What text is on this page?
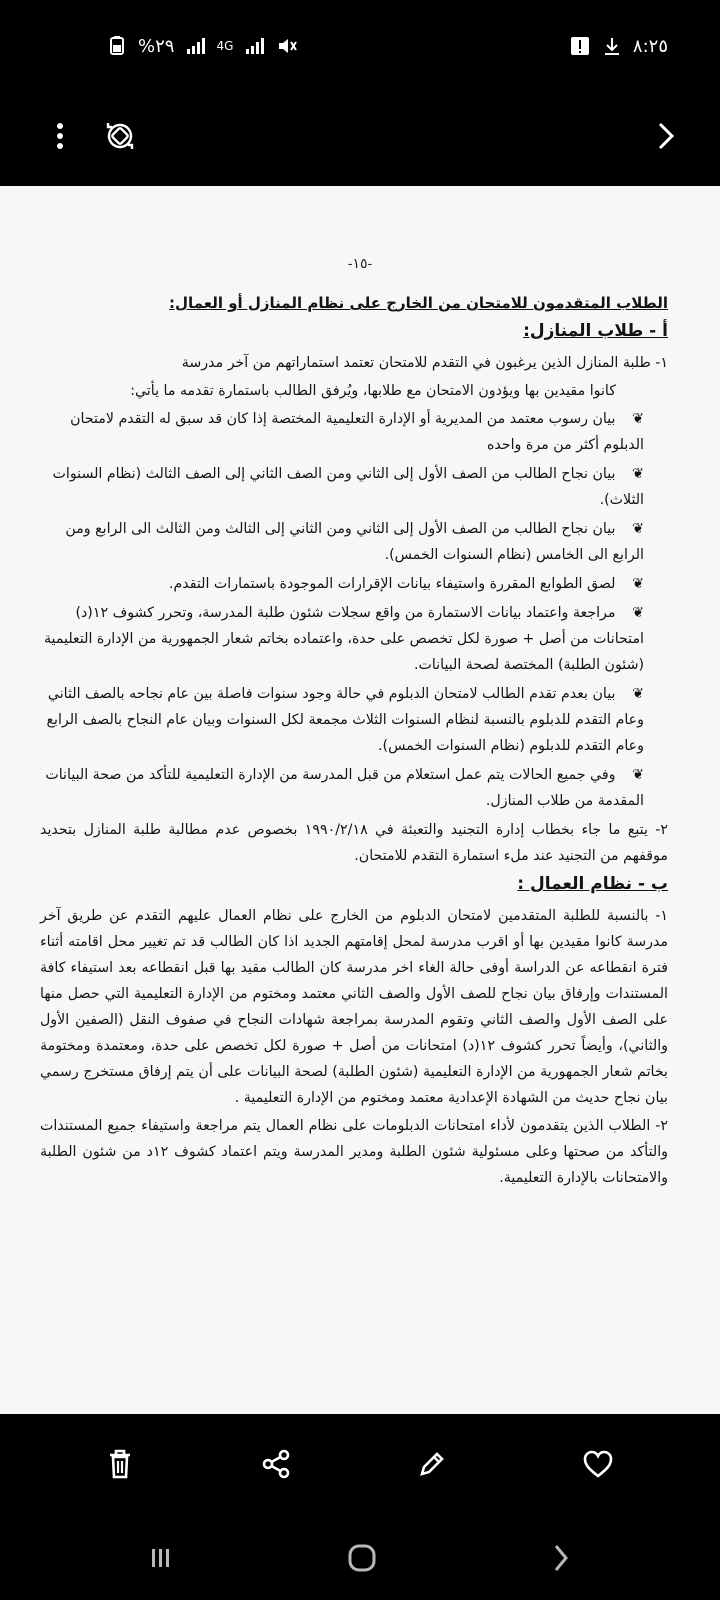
%٢٩	4G	٨:٢٥
-١٥-

الطلاب المتقدمون للامتحان من الخارج على نظام المنازل أو العمال:

أ - طلاب المنازل:

١- طلبة المنازل الذين يرغبون في التقدم للامتحان تعتمد استماراتهم من آخر مدرسة

كانوا مقيدين بها ويؤدون الامتحان مع طلابها، ويُرفق الطالب باستمارة تقدمه ما يأتي:

❦ بيان رسوب معتمد من المديرية أو الإدارة التعليمية المختصة إذا كان قد سبق له التقدم لامتحان الدبلوم أكثر من مرة واحده
❦ بيان نجاح الطالب من الصف الأول إلى الثاني ومن الصف الثاني إلى الصف الثالث (نظام السنوات الثلاث).
❦ بيان نجاح الطالب من الصف الأول إلى الثاني ومن الثاني إلى الثالث ومن الثالث الى الرابع ومن الرابع الى الخامس (نظام السنوات الخمس).
❦ لصق الطوابع المقررة واستيفاء بيانات الإقرارات الموجودة باستمارات التقدم.
❦ مراجعة واعتماد بيانات الاستمارة من واقع سجلات شئون طلبة المدرسة، وتحرر كشوف ١٢(د) امتحانات من أصل + صورة لكل تخصص على حدة، واعتماده بخاتم شعار الجمهورية من الإدارة التعليمية (شئون الطلبة) المختصة لصحة البيانات.
❦ بيان بعدم تقدم الطالب لامتحان الدبلوم في حالة وجود سنوات فاصلة بين عام نجاحه بالصف الثاني وعام التقدم للدبلوم بالنسبة لنظام السنوات الثلاث مجمعة لكل السنوات وبيان عام النجاح بالصف الرابع وعام التقدم للدبلوم (نظام السنوات الخمس).
❦ وفي جميع الحالات يتم عمل استعلام من قبل المدرسة من الإدارة التعليمية للتأكد من صحة البيانات المقدمة من طلاب المنازل.

٢- يتبع ما جاء بخطاب إدارة التجنيد والتعبئة في ١٩٩٠/٢/١٨ بخصوص عدم مطالبة طلبة المنازل بتحديد موقفهم من التجنيد عند ملء استمارة التقدم للامتحان.

ب - نظام العمال :

١- بالنسبة للطلبة المتقدمين لامتحان الدبلوم من الخارج على نظام العمال عليهم التقدم عن طريق آخر مدرسة كانوا مقيدين بها أو اقرب مدرسة لمحل إقامتهم الجديد اذا كان الطالب قد تم تغيير محل اقامته أثناء فترة انقطاعه عن الدراسة أوفى حالة الغاء اخر مدرسة كان الطالب مقيد بها قبل انقطاعه بعد استيفاء كافة المستندات وإرفاق بيان نجاح للصف الأول والصف الثاني معتمد ومختوم من الإدارة التعليمية التي حصل منها على الصف الأول والصف الثاني وتقوم المدرسة بمراجعة شهادات النجاح في صفوف النقل (الصفين الأول والثاني)، وأيضاً تحرر كشوف ١٢(د) امتحانات من أصل + صورة لكل تخصص على حدة، ومعتمدة ومختومة بخاتم شعار الجمهورية من الإدارة التعليمية (شئون الطلبة) لصحة البيانات على أن يتم إرفاق مستخرج رسمي بيان نجاح حديث من الشهادة الإعدادية معتمد ومختوم من الإدارة التعليمية .

٢- الطلاب الذين يتقدمون لأداء امتحانات الدبلومات على نظام العمال يتم مراجعة واستيفاء جميع المستندات والتأكد من صحتها وعلى مسئولية شئون الطلبة ومدير المدرسة ويتم اعتماد كشوف ١٢د من شئون الطلبة والامتحانات بالإدارة التعليمية.
